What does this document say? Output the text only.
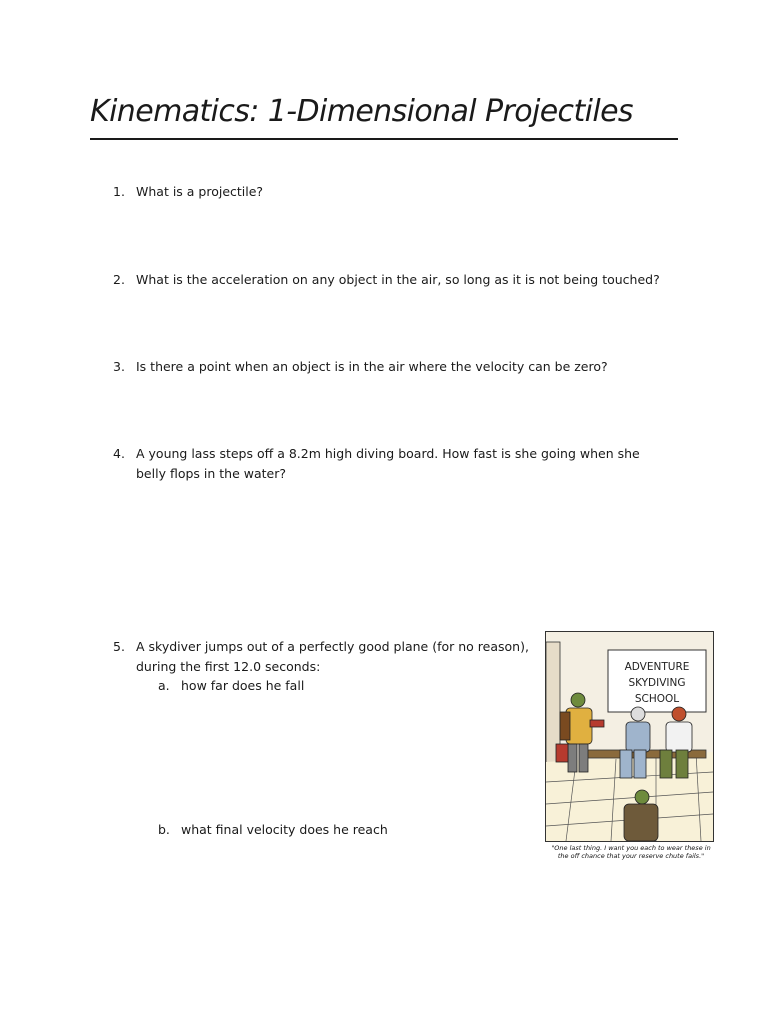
Kinematics: 1-Dimensional Projectiles
1. What is a projectile?
2. What is the acceleration on any object in the air, so long as it is not being touched?
3. Is there a point when an object is in the air where the velocity can be zero?
4. A young lass steps off a 8.2m high diving board. How fast is she going when she belly flops in the water?
5. A skydiver jumps out of a perfectly good plane (for no reason), during the first 12.0 seconds:
a. how far does he fall
b. what final velocity does he reach
ADVENTURE
SKYDIVING
SCHOOL
"One last thing. I want you each to wear these in the off chance that your reserve chute fails."
